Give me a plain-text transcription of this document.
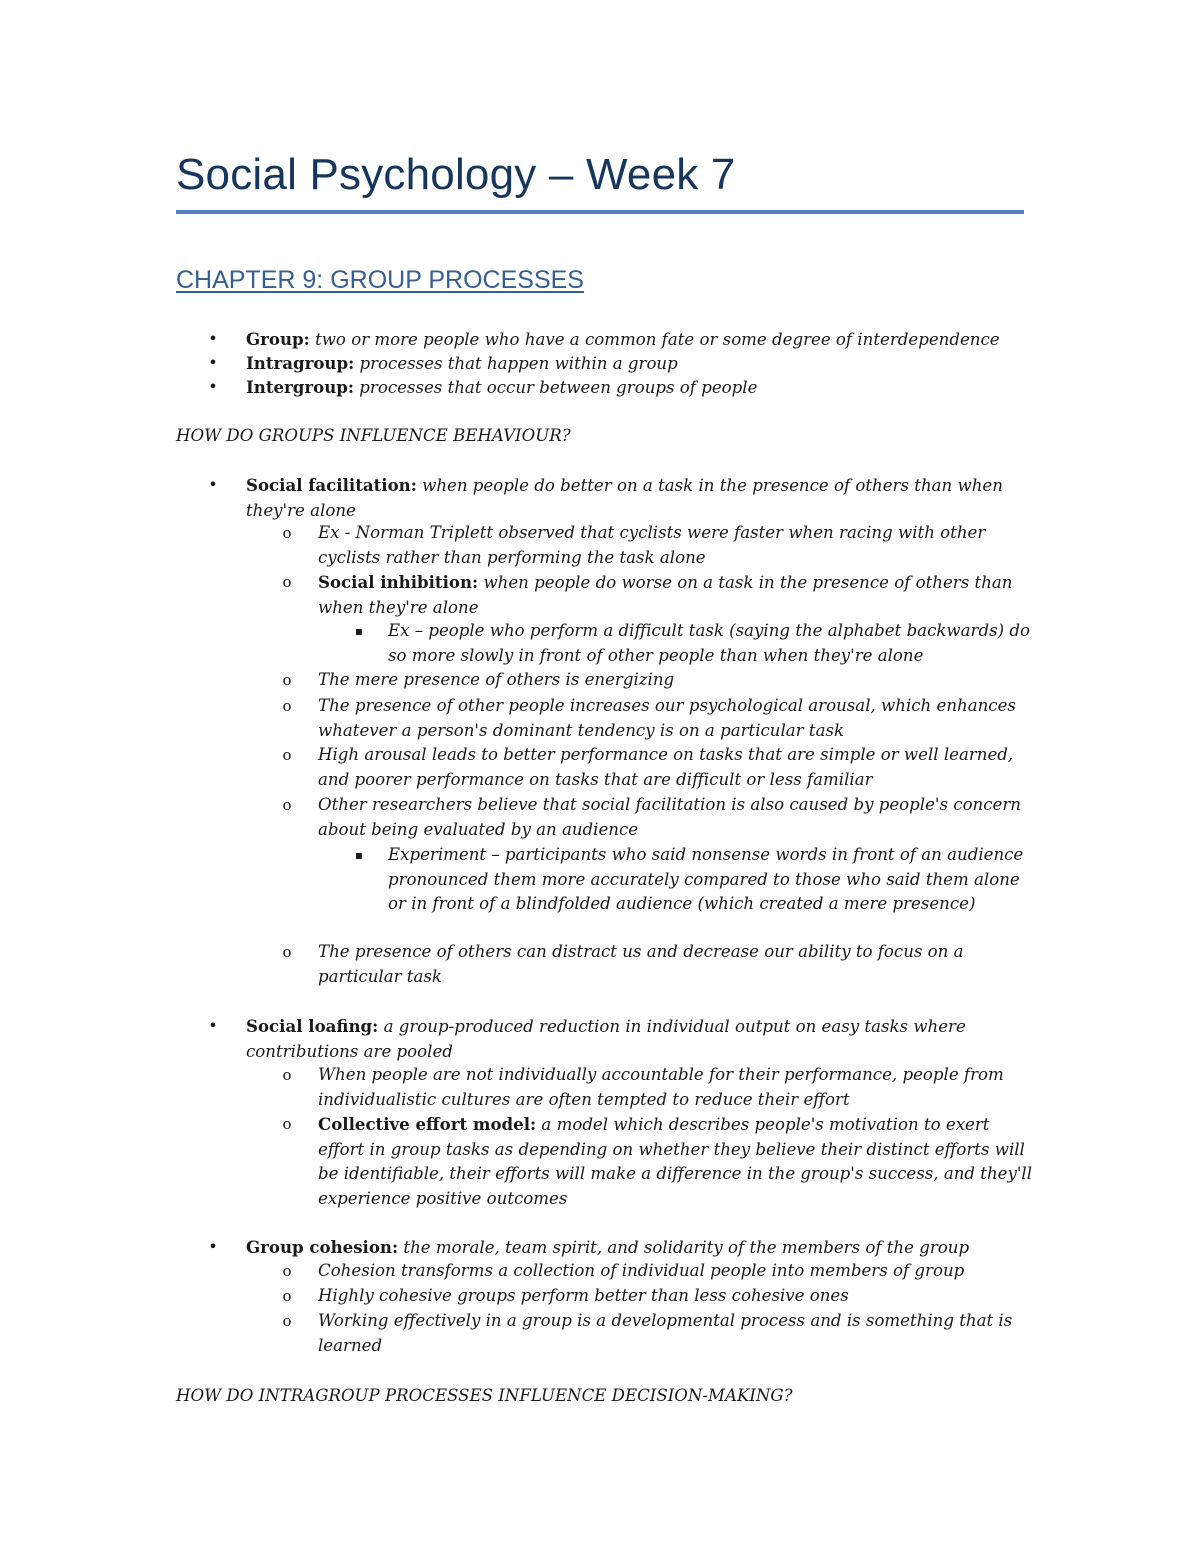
Social Psychology – Week 7
CHAPTER 9: GROUP PROCESSES
• Group: two or more people who have a common fate or some degree of interdependence
• Intragroup: processes that happen within a group
• Intergroup: processes that occur between groups of people
HOW DO GROUPS INFLUENCE BEHAVIOUR?
• Social facilitation: when people do better on a task in the presence of others than when they're alone
o Ex - Norman Triplett observed that cyclists were faster when racing with other cyclists rather than performing the task alone
o Social inhibition: when people do worse on a task in the presence of others than when they're alone
▪ Ex – people who perform a difficult task (saying the alphabet backwards) do so more slowly in front of other people than when they're alone
o The mere presence of others is energizing
o The presence of other people increases our psychological arousal, which enhances whatever a person's dominant tendency is on a particular task
o High arousal leads to better performance on tasks that are simple or well learned, and poorer performance on tasks that are difficult or less familiar
o Other researchers believe that social facilitation is also caused by people's concern about being evaluated by an audience
▪ Experiment – participants who said nonsense words in front of an audience pronounced them more accurately compared to those who said them alone or in front of a blindfolded audience (which created a mere presence)
o The presence of others can distract us and decrease our ability to focus on a particular task
• Social loafing: a group-produced reduction in individual output on easy tasks where contributions are pooled
o When people are not individually accountable for their performance, people from individualistic cultures are often tempted to reduce their effort
o Collective effort model: a model which describes people's motivation to exert effort in group tasks as depending on whether they believe their distinct efforts will be identifiable, their efforts will make a difference in the group's success, and they'll experience positive outcomes
• Group cohesion: the morale, team spirit, and solidarity of the members of the group
o Cohesion transforms a collection of individual people into members of group
o Highly cohesive groups perform better than less cohesive ones
o Working effectively in a group is a developmental process and is something that is learned
HOW DO INTRAGROUP PROCESSES INFLUENCE DECISION-MAKING?
